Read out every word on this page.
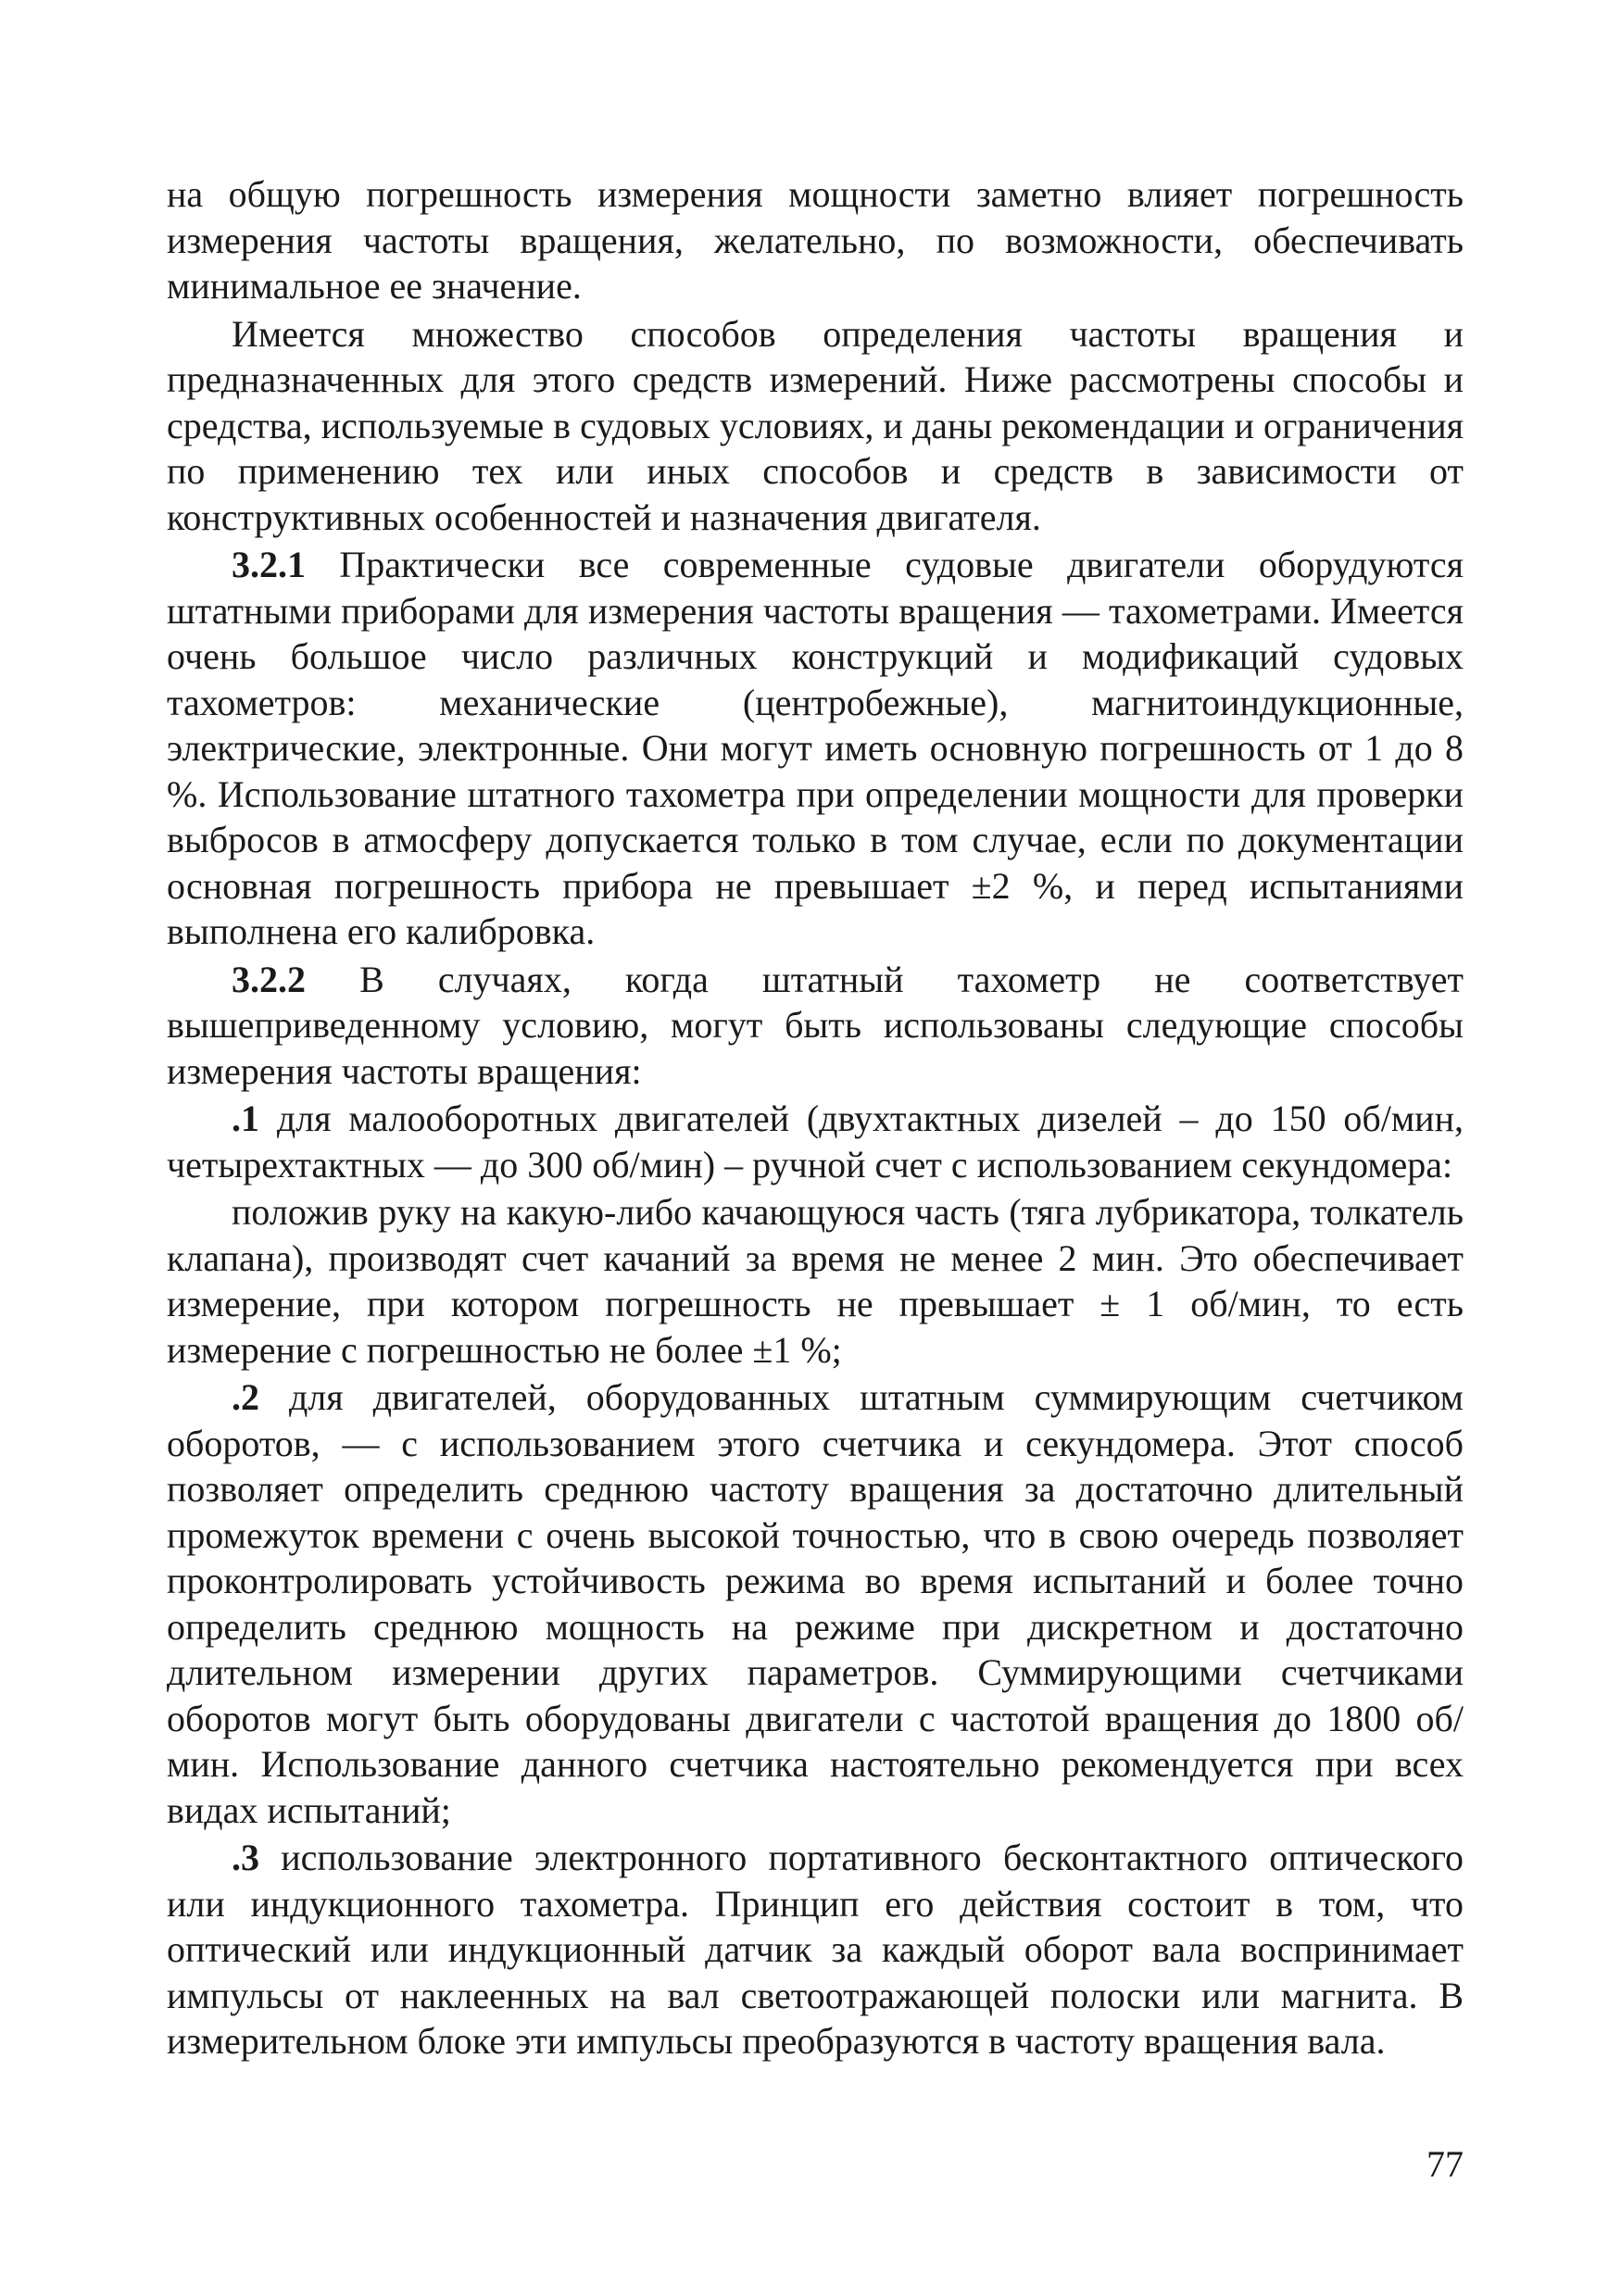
на общую погрешность измерения мощности заметно влияет погрешность измерения частоты вращения, желательно, по возможности, обеспечивать минимальное ее значение.

Имеется множество способов определения частоты вращения и предназначенных для этого средств измерений. Ниже рассмотрены способы и средства, используемые в судовых условиях, и даны рекомендации и ограничения по применению тех или иных способов и средств в зависимости от конструктивных особенностей и назначения двигателя.

3.2.1 Практически все современные судовые двигатели оборудуются штатными приборами для измерения частоты вращения — тахометрами. Имеется очень большое число различных конструкций и модификаций судовых тахометров: механические (центробежные), магнитоиндукционные, электрические, электронные. Они могут иметь основную погрешность от 1 до 8 %. Использование штатного тахометра при определении мощности для проверки выбросов в атмосферу допускается только в том случае, если по документации основная погрешность прибора не превышает ±2 %, и перед испытаниями выполнена его калибровка.

3.2.2 В случаях, когда штатный тахометр не соответствует вышеприведенному условию, могут быть использованы следующие способы измерения частоты вращения:

.1 для малооборотных двигателей (двухтактных дизелей – до 150 об/мин, четырехтактных — до 300 об/мин) – ручной счет с использованием секундомера:

положив руку на какую-либо качающуюся часть (тяга лубрикатора, толкатель клапана), производят счет качаний за время не менее 2 мин. Это обеспечивает измерение, при котором погрешность не превышает ± 1 об/мин, то есть измерение с погрешностью не более ±1 %;

.2 для двигателей, оборудованных штатным суммирующим счетчиком оборотов, — с использованием этого счетчика и секундомера. Этот способ позволяет определить среднюю частоту вращения за достаточно длительный промежуток времени с очень высокой точностью, что в свою очередь позволяет проконтролировать устойчивость режима во время испытаний и более точно определить среднюю мощность на режиме при дискретном и достаточно длительном измерении других параметров. Суммирующими счетчиками оборотов могут быть оборудованы двигатели с частотой вращения до 1800 об/мин. Использование данного счетчика настоятельно рекомендуется при всех видах испытаний;

.3 использование электронного портативного бесконтактного оптического или индукционного тахометра. Принцип его действия состоит в том, что оптический или индукционный датчик за каждый оборот вала воспринимает импульсы от наклеенных на вал светоотражающей полоски или магнита. В измерительном блоке эти импульсы преобразуются в частоту вращения вала.

77
